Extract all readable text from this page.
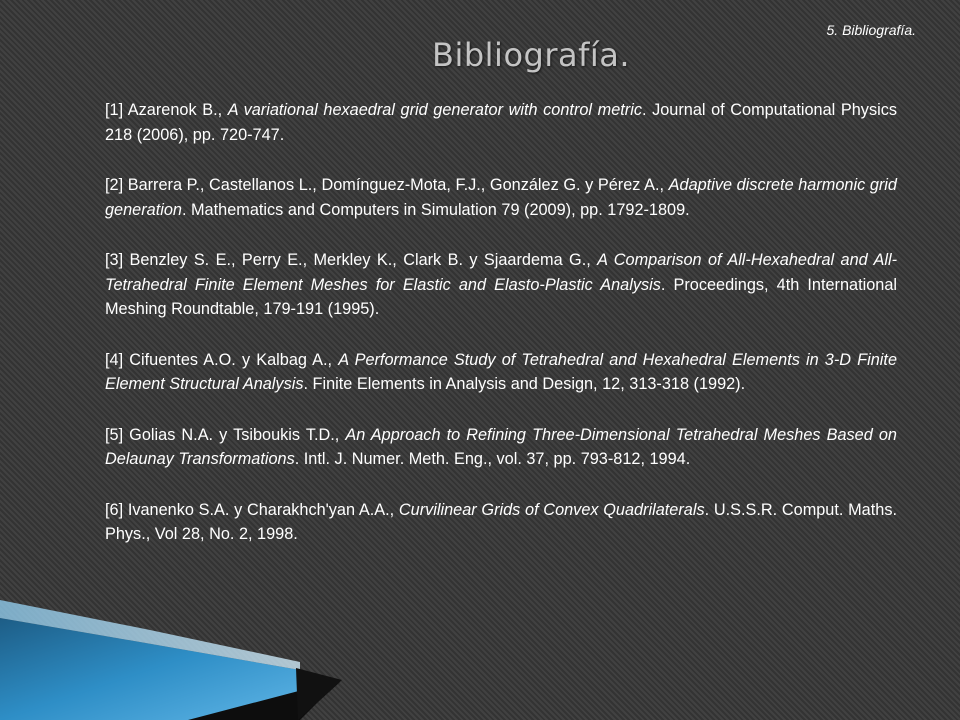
5. Bibliografía.
Bibliografía.

[1] Azarenok B., A variational hexaedral grid generator with control metric. Journal of Computational Physics 218 (2006), pp. 720-747.

[2] Barrera P., Castellanos L., Domínguez-Mota, F.J., González G. y Pérez A., Adaptive discrete harmonic grid generation. Mathematics and Computers in Simulation 79 (2009), pp. 1792-1809.

[3] Benzley S. E., Perry E., Merkley K., Clark B. y Sjaardema G., A Comparison of All-Hexahedral and All-Tetrahedral Finite Element Meshes for Elastic and Elasto-Plastic Analysis. Proceedings, 4th International Meshing Roundtable, 179-191 (1995).

[4] Cifuentes A.O. y Kalbag A., A Performance Study of Tetrahedral and Hexahedral Elements in 3-D Finite Element Structural Analysis. Finite Elements in Analysis and Design, 12, 313-318 (1992).

[5] Golias N.A. y Tsiboukis T.D., An Approach to Refining Three-Dimensional Tetrahedral Meshes Based on Delaunay Transformations. Intl. J. Numer. Meth. Eng., vol. 37, pp. 793-812, 1994.

[6] Ivanenko S.A. y Charakhch'yan A.A., Curvilinear Grids of Convex Quadrilaterals. U.S.S.R. Comput. Maths. Phys., Vol 28, No. 2, 1998.
